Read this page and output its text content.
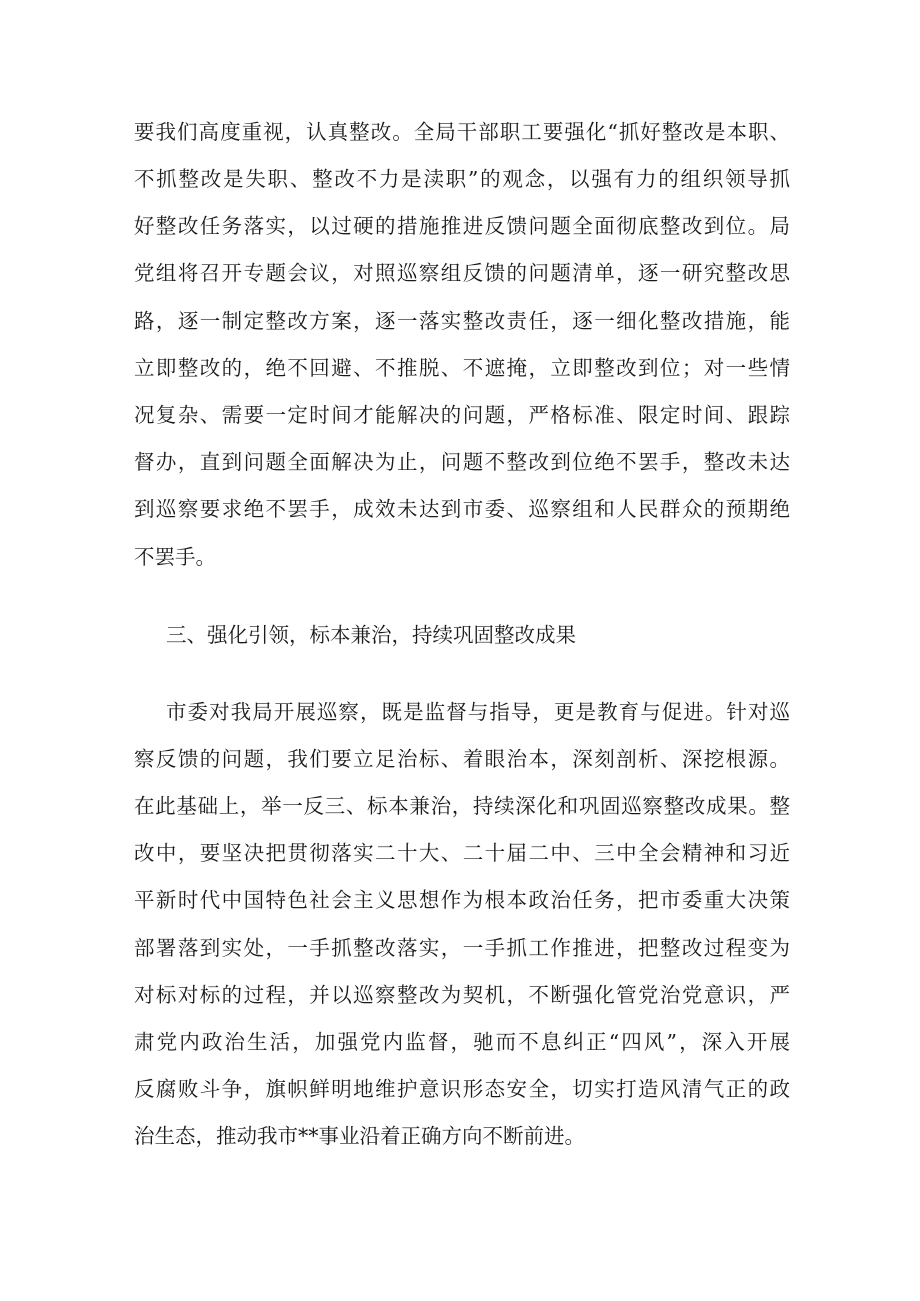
要我们高度重视，认真整改。全局干部职工要强化“抓好整改是本职、
不抓整改是失职、整改不力是渎职”的观念，以强有力的组织领导抓
好整改任务落实，以过硬的措施推进反馈问题全面彻底整改到位。局
党组将召开专题会议，对照巡察组反馈的问题清单，逐一研究整改思
路，逐一制定整改方案，逐一落实整改责任，逐一细化整改措施，能
立即整改的，绝不回避、不推脱、不遮掩，立即整改到位；对一些情
况复杂、需要一定时间才能解决的问题，严格标准、限定时间、跟踪
督办，直到问题全面解决为止，问题不整改到位绝不罢手，整改未达
到巡察要求绝不罢手，成效未达到市委、巡察组和人民群众的预期绝
不罢手。
三、强化引领，标本兼治，持续巩固整改成果
市委对我局开展巡察，既是监督与指导，更是教育与促进。针对巡
察反馈的问题，我们要立足治标、着眼治本，深刻剖析、深挖根源。
在此基础上，举一反三、标本兼治，持续深化和巩固巡察整改成果。整
改中，要坚决把贯彻落实二十大、二十届二中、三中全会精神和习近
平新时代中国特色社会主义思想作为根本政治任务，把市委重大决策
部署落到实处，一手抓整改落实，一手抓工作推进，把整改过程变为
对标对标的过程，并以巡察整改为契机，不断强化管党治党意识，严
肃党内政治生活，加强党内监督，驰而不息纠正“四风”，深入开展
反腐败斗争，旗帜鲜明地维护意识形态安全，切实打造风清气正的政
治生态，推动我市**事业沿着正确方向不断前进。
